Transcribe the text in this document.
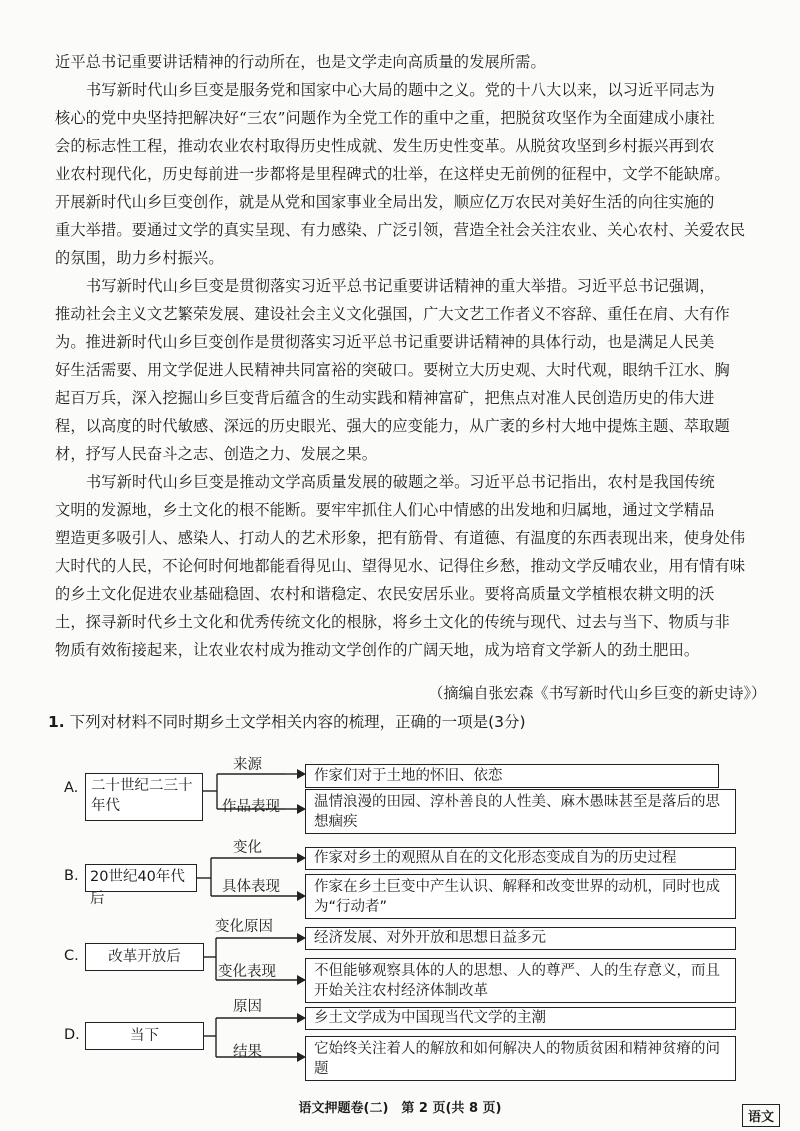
近平总书记重要讲话精神的行动所在，也是文学走向高质量的发展所需。
书写新时代山乡巨变是服务党和国家中心大局的题中之义。党的十八大以来，以习近平同志为
核心的党中央坚持把解决好“三农”问题作为全党工作的重中之重，把脱贫攻坚作为全面建成小康社
会的标志性工程，推动农业农村取得历史性成就、发生历史性变革。从脱贫攻坚到乡村振兴再到农
业农村现代化，历史每前进一步都将是里程碑式的壮举，在这样史无前例的征程中，文学不能缺席。
开展新时代山乡巨变创作，就是从党和国家事业全局出发，顺应亿万农民对美好生活的向往实施的
重大举措。要通过文学的真实呈现、有力感染、广泛引领，营造全社会关注农业、关心农村、关爱农民
的氛围，助力乡村振兴。
书写新时代山乡巨变是贯彻落实习近平总书记重要讲话精神的重大举措。习近平总书记强调，
推动社会主义文艺繁荣发展、建设社会主义文化强国，广大文艺工作者义不容辞、重任在肩、大有作
为。推进新时代山乡巨变创作是贯彻落实习近平总书记重要讲话精神的具体行动，也是满足人民美
好生活需要、用文学促进人民精神共同富裕的突破口。要树立大历史观、大时代观，眼纳千江水、胸
起百万兵，深入挖掘山乡巨变背后蕴含的生动实践和精神富矿，把焦点对准人民创造历史的伟大进
程，以高度的时代敏感、深远的历史眼光、强大的应变能力，从广袤的乡村大地中提炼主题、萃取题
材，抒写人民奋斗之志、创造之力、发展之果。
书写新时代山乡巨变是推动文学高质量发展的破题之举。习近平总书记指出，农村是我国传统
文明的发源地，乡土文化的根不能断。要牢牢抓住人们心中情感的出发地和归属地，通过文学精品
塑造更多吸引人、感染人、打动人的艺术形象，把有筋骨、有道德、有温度的东西表现出来，使身处伟
大时代的人民，不论何时何地都能看得见山、望得见水、记得住乡愁，推动文学反哺农业，用有情有味
的乡土文化促进农业基础稳固、农村和谐稳定、农民安居乐业。要将高质量文学植根农耕文明的沃
土，探寻新时代乡土文化和优秀传统文化的根脉，将乡土文化的传统与现代、过去与当下、物质与非
物质有效衔接起来，让农业农村成为推动文学创作的广阔天地，成为培育文学新人的劲土肥田。
（摘编自张宏森《书写新时代山乡巨变的新史诗》）
1. 下列对材料不同时期乡土文学相关内容的梳理，正确的一项是(3分)
A. 二十世纪二三十年代
来源
作家们对于土地的怀旧、依恋
作品表现	温情浪漫的田园、淳朴善良的人性美、麻木愚昧甚至是落后的思想痼疾
B. 20世纪40年代后
变化
作家对乡土的观照从自在的文化形态变成自为的历史过程
具体表现	作家在乡土巨变中产生认识、解释和改变世界的动机，同时也成为“行动者”
C.	改革开放后
变化原因
经济发展、对外开放和思想日益多元
变化表现	不但能够观察具体的人的思想、人的尊严、人的生存意义，而且开始关注农村经济体制改革
D.	当下
原因
乡土文学成为中国现当代文学的主潮
结果	它始终关注着人的解放和如何解决人的物质贫困和精神贫瘠的问题
语文押题卷(二)　第 2 页(共 8 页)
语文
